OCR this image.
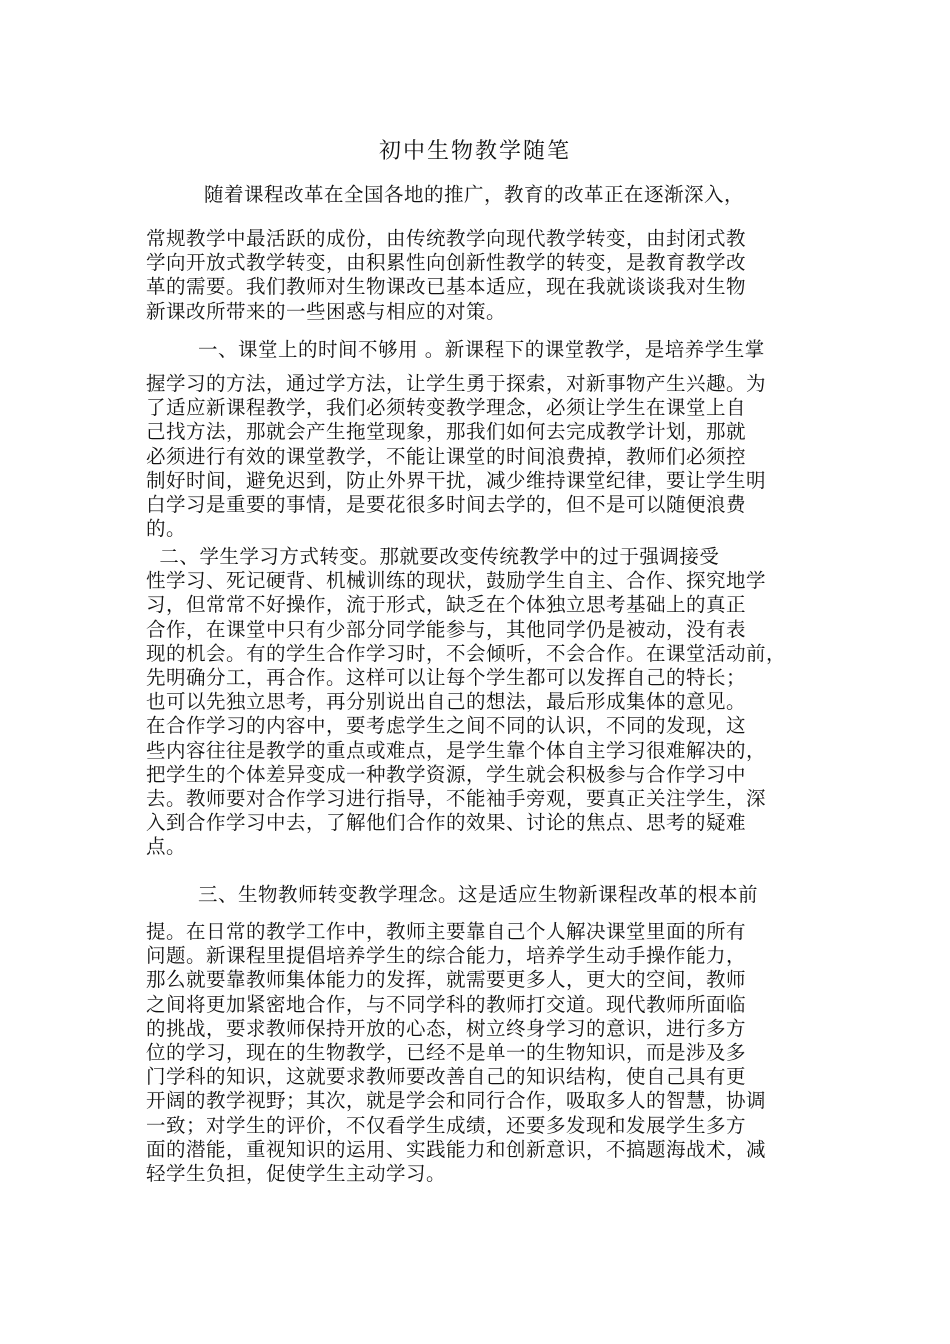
初中生物教学随笔
随着课程改革在全国各地的推广，教育的改革正在逐渐深入，
常规教学中最活跃的成份，由传统教学向现代教学转变，由封闭式教
学向开放式教学转变，由积累性向创新性教学的转变，是教育教学改
革的需要。我们教师对生物课改已基本适应，现在我就谈谈我对生物
新课改所带来的一些困惑与相应的对策。
一、课堂上的时间不够用 。新课程下的课堂教学，是培养学生掌
握学习的方法，通过学方法，让学生勇于探索，对新事物产生兴趣。为
了适应新课程教学，我们必须转变教学理念，必须让学生在课堂上自
己找方法，那就会产生拖堂现象，那我们如何去完成教学计划，那就
必须进行有效的课堂教学，不能让课堂的时间浪费掉，教师们必须控
制好时间，避免迟到，防止外界干扰，减少维持课堂纪律，要让学生明
白学习是重要的事情，是要花很多时间去学的，但不是可以随便浪费
的。
二、学生学习方式转变。那就要改变传统教学中的过于强调接受
性学习、死记硬背、机械训练的现状，鼓励学生自主、合作、探究地学
习，但常常不好操作，流于形式，缺乏在个体独立思考基础上的真正
合作，在课堂中只有少部分同学能参与，其他同学仍是被动，没有表
现的机会。有的学生合作学习时，不会倾听，不会合作。在课堂活动前，
先明确分工，再合作。这样可以让每个学生都可以发挥自己的特长；
也可以先独立思考，再分别说出自己的想法，最后形成集体的意见。
在合作学习的内容中，要考虑学生之间不同的认识，不同的发现，这
些内容往往是教学的重点或难点，是学生靠个体自主学习很难解决的，
把学生的个体差异变成一种教学资源，学生就会积极参与合作学习中
去。教师要对合作学习进行指导，不能袖手旁观，要真正关注学生，深
入到合作学习中去，了解他们合作的效果、讨论的焦点、思考的疑难
点。
三、生物教师转变教学理念。这是适应生物新课程改革的根本前
提。在日常的教学工作中，教师主要靠自己个人解决课堂里面的所有
问题。新课程里提倡培养学生的综合能力，培养学生动手操作能力，
那么就要靠教师集体能力的发挥，就需要更多人，更大的空间，教师
之间将更加紧密地合作，与不同学科的教师打交道。现代教师所面临
的挑战，要求教师保持开放的心态，树立终身学习的意识，进行多方
位的学习，现在的生物教学，已经不是单一的生物知识，而是涉及多
门学科的知识，这就要求教师要改善自己的知识结构，使自己具有更
开阔的教学视野；其次，就是学会和同行合作，吸取多人的智慧，协调
一致；对学生的评价，不仅看学生成绩，还要多发现和发展学生多方
面的潜能，重视知识的运用、实践能力和创新意识，不搞题海战术，减
轻学生负担，促使学生主动学习。
